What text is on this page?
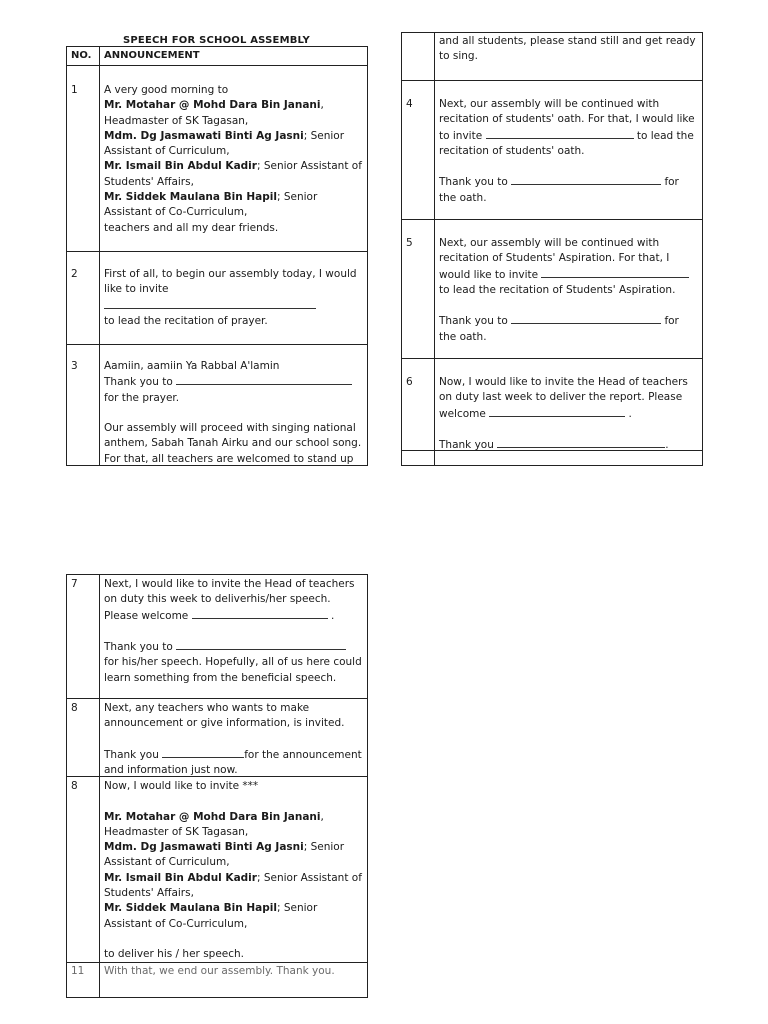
SPEECH FOR SCHOOL ASSEMBLY
NO. ANNOUNCEMENT
1	A very good morning to

Mr. Motahar @ Mohd Dara Bin Janani, Headmaster of SK Tagasan,

Mdm. Dg Jasmawati Binti Ag Jasni; Senior Assistant of Curriculum,

Mr. Ismail Bin Abdul Kadir; Senior Assistant of Students' Affairs,

Mr. Siddek Maulana Bin Hapil; Senior Assistant of Co-Curriculum,

teachers and all my dear friends.

2	First of all, to begin our assembly today, I would like to invite

to lead the recitation of prayer.

3	Aamiin, aamiin Ya Rabbal A'lamin

Thank you to

for the prayer.

Our assembly will proceed with singing national anthem, Sabah Tanah Airku and our school song. For that, all teachers are welcomed to stand up

and all students, please stand still and get ready to sing.
4	Next, our assembly will be continued with recitation of students' oath. For that, I would like to invite	to lead the recitation of students' oath.

Thank you to	for the oath.

5	Next, our assembly will be continued with recitation of Students' Aspiration. For that, I would like to invite  to lead the recitation of Students' Aspiration.

Thank you to	for the oath.

6	Now, I would like to invite the Head of teachers on duty last week to deliver the report. Please welcome	.

Thank you	.

7	Next, I would like to invite the Head of teachers on duty this week to deliverhis/her speech. Please welcome	.

Thank you to

for his/her speech. Hopefully, all of us here could learn something from the beneficial speech.

8	Next, any teachers who wants to make announcement or give information, is invited.

Thank you	for the announcement and information just now.

8	Now, I would like to invite ***

Mr. Motahar @ Mohd Dara Bin Janani, Headmaster of SK Tagasan,

Mdm. Dg Jasmawati Binti Ag Jasni; Senior Assistant of Curriculum,

Mr. Ismail Bin Abdul Kadir; Senior Assistant of Students' Affairs,

Mr. Siddek Maulana Bin Hapil; Senior Assistant of Co-Curriculum,

to deliver his / her speech.

11 With that, we end our assembly. Thank you.
